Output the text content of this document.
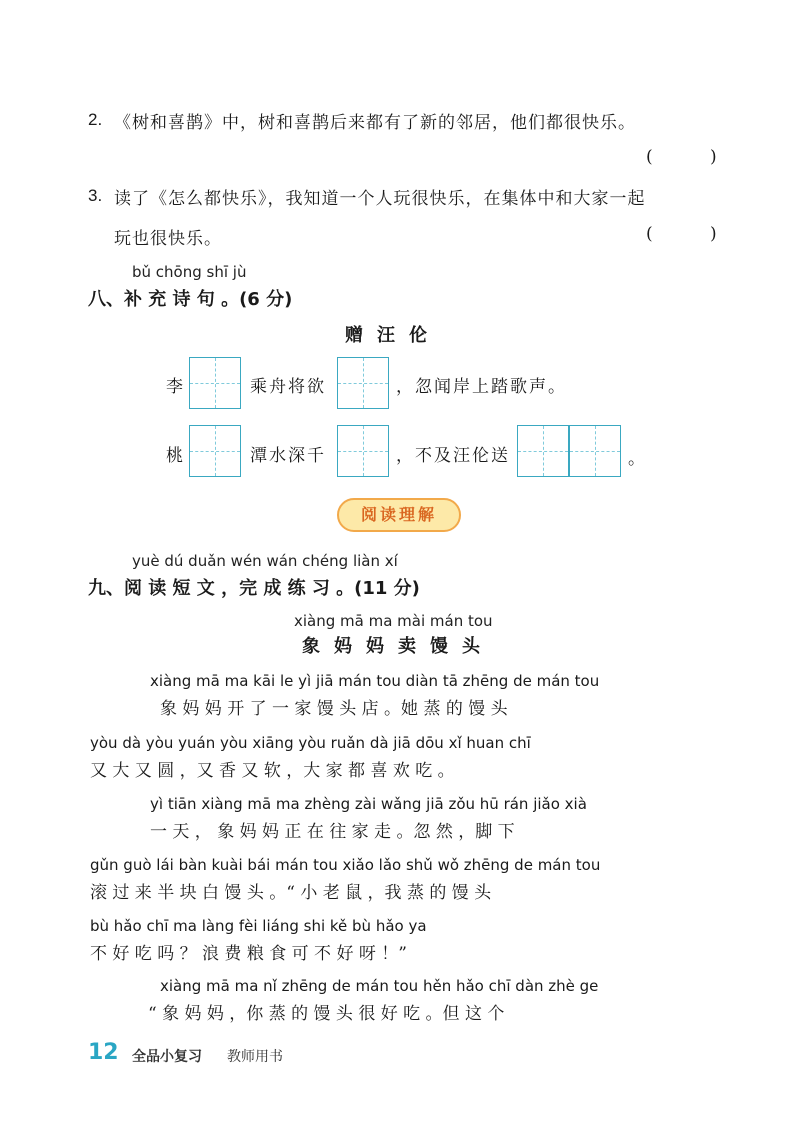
2. 《树和喜鹊》中，树和喜鹊后来都有了新的邻居，他们都很快乐。
( )
3. 读了《怎么都快乐》，我知道一个人玩很快乐，在集体中和大家一起
玩也很快乐。	( )
bǔ chōng shī jù
八、补 充 诗 句 。(6 分)
赠汪伦
李	乘舟将欲	，忽闻岸上踏歌声。
桃	潭水深千	，不及汪伦送	。
阅读理解
yuè dú duǎn wén wán chéng liàn xí
九、阅 读 短 文 ，完 成 练 习 。(11 分)
xiàng mā ma mài mán tou
象妈妈卖馒头
xiàng mā ma kāi le yì jiā mán tou diàn tā zhēng de mán tou
象 妈 妈 开 了 一 家 馒 头 店 。她 蒸 的 馒 头
yòu dà yòu yuán yòu xiāng yòu ruǎn dà jiā dōu xǐ huan chī
又 大 又 圆 ，又 香 又 软 ，大 家 都 喜 欢 吃 。
yì tiān xiàng mā ma zhèng zài wǎng jiā zǒu hū rán jiǎo xià
一 天 ， 象 妈 妈 正 在 往 家 走 。忽 然 ，脚 下
gǔn guò lái bàn kuài bái mán tou xiǎo lǎo shǔ wǒ zhēng de mán tou
滚 过 来 半 块 白 馒 头 。“ 小 老 鼠 ，我 蒸 的 馒 头
bù hǎo chī ma làng fèi liáng shi kě bù hǎo ya
不 好 吃 吗 ？ 浪 费 粮 食 可 不 好 呀 ！”
xiàng mā ma nǐ zhēng de mán tou hěn hǎo chī dàn zhè ge
“ 象 妈 妈 ，你 蒸 的 馒 头 很 好 吃 。但 这 个
12 全品小复习 教师用书
